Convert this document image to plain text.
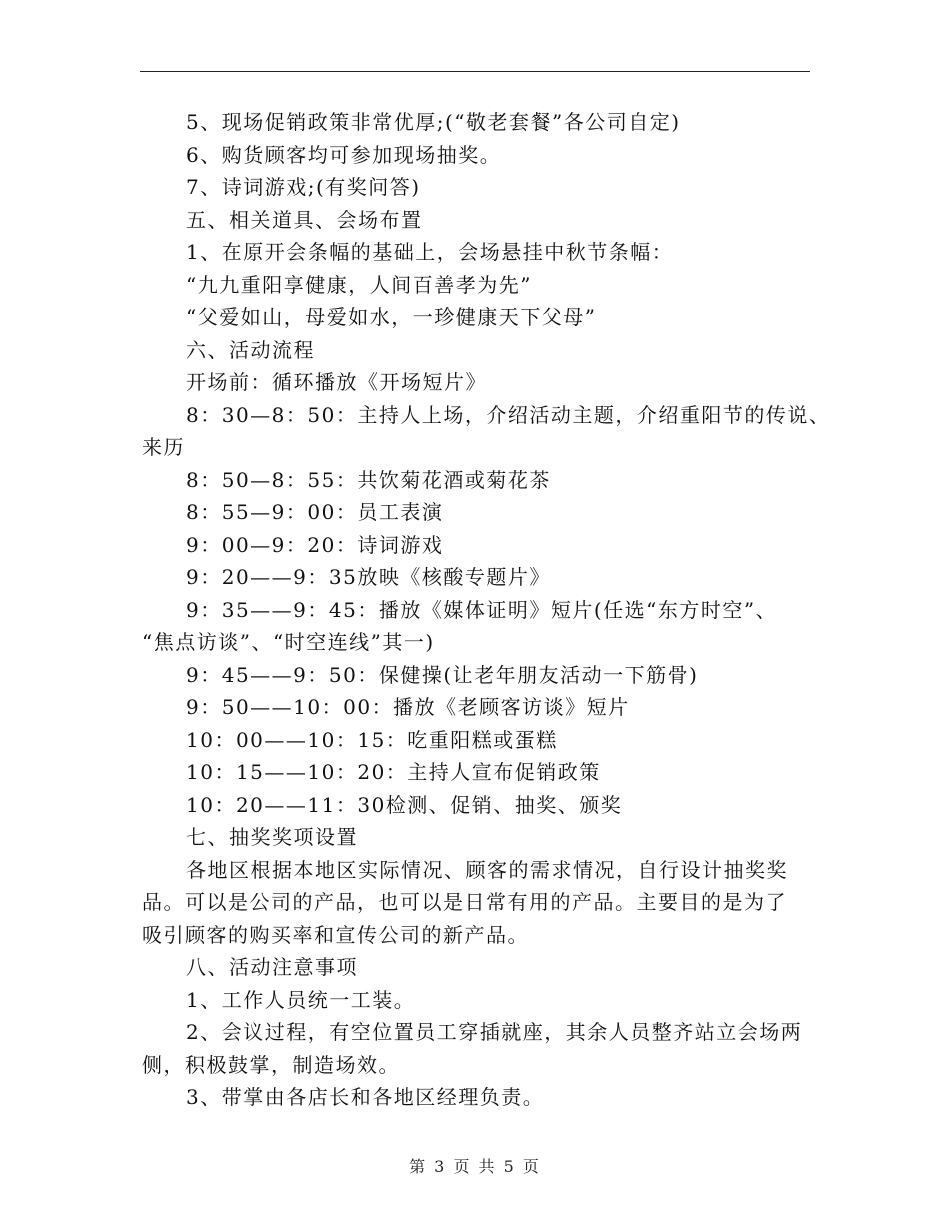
5、现场促销政策非常优厚;(“敬老套餐”各公司自定)
6、购货顾客均可参加现场抽奖。
7、诗词游戏;(有奖问答)
五、相关道具、会场布置
1、在原开会条幅的基础上，会场悬挂中秋节条幅：
“九九重阳享健康，人间百善孝为先”
“父爱如山，母爱如水，一珍健康天下父母”
六、活动流程
开场前：循环播放《开场短片》
8：30—8：50：主持人上场，介绍活动主题，介绍重阳节的传说、
来历
8：50—8：55：共饮菊花酒或菊花茶
8：55—9：00：员工表演
9：00—9：20：诗词游戏
9：20——9：35放映《核酸专题片》
9：35——9：45：播放《媒体证明》短片(任选“东方时空”、
“焦点访谈”、“时空连线”其一)
9：45——9：50：保健操(让老年朋友活动一下筋骨)
9：50——10：00：播放《老顾客访谈》短片
10：00——10：15：吃重阳糕或蛋糕
10：15——10：20：主持人宣布促销政策
10：20——11：30检测、促销、抽奖、颁奖
七、抽奖奖项设置
各地区根据本地区实际情况、顾客的需求情况，自行设计抽奖奖
品。可以是公司的产品，也可以是日常有用的产品。主要目的是为了
吸引顾客的购买率和宣传公司的新产品。
八、活动注意事项
1、工作人员统一工装。
2、会议过程，有空位置员工穿插就座，其余人员整齐站立会场两
侧，积极鼓掌，制造场效。
3、带掌由各店长和各地区经理负责。
第 3 页 共 5 页
